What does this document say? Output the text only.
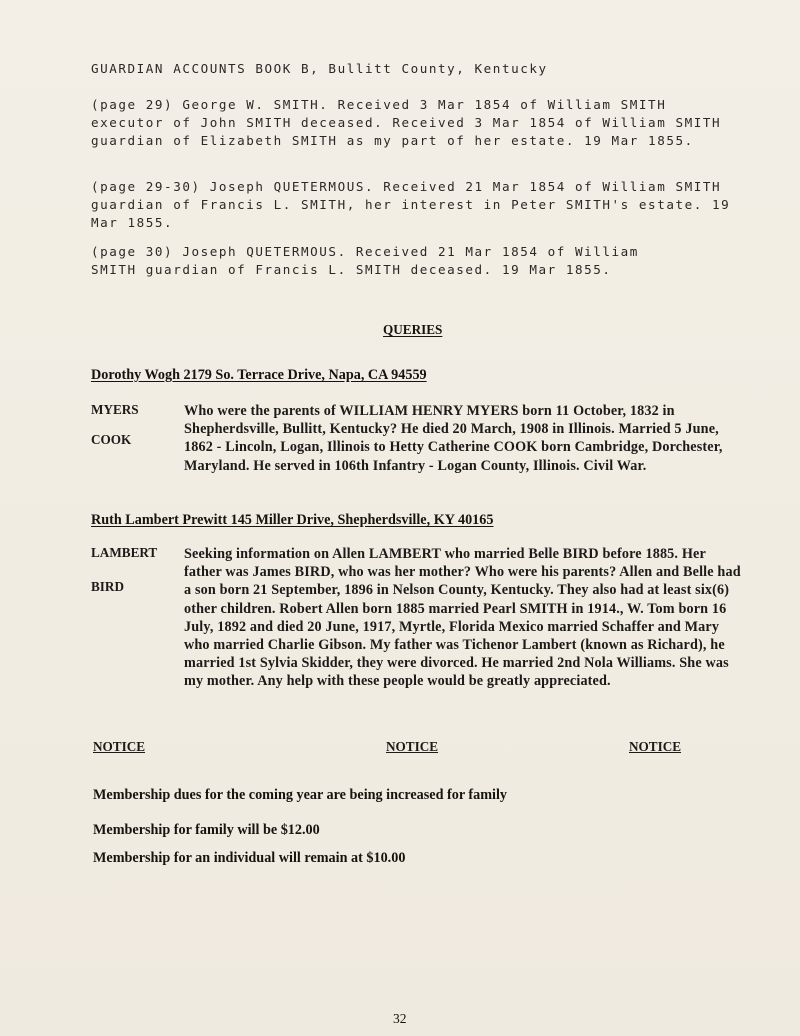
GUARDIAN ACCOUNTS BOOK B, Bullitt County, Kentucky

(page 29) George W. SMITH. Received 3 Mar 1854 of William SMITH executor of John SMITH deceased. Received 3 Mar 1854 of William SMITH guardian of Elizabeth SMITH as my part of her estate. 19 Mar 1855.

(page 29-30) Joseph QUETERMOUS. Received 21 Mar 1854 of William SMITH guardian of Francis L. SMITH, her interest in Peter SMITH's estate. 19 Mar 1855.

(page 30) Joseph QUETERMOUS. Received 21 Mar 1854 of William SMITH guardian of Francis L. SMITH deceased. 19 Mar 1855.

QUERIES
Dorothy Wogh 2179 So. Terrace Drive, Napa, CA 94559
MYERS
COOK
Who were the parents of WILLIAM HENRY MYERS born 11 October, 1832 in Shepherdsville, Bullitt, Kentucky? He died 20 March, 1908 in Illinois. Married 5 June, 1862 - Lincoln, Logan, Illinois to Hetty Catherine COOK born Cambridge, Dorchester, Maryland. He served in 106th Infantry - Logan County, Illinois. Civil War.
Ruth Lambert Prewitt 145 Miller Drive, Shepherdsville, KY 40165
LAMBERT
BIRD
Seeking information on Allen LAMBERT who married Belle BIRD before 1885. Her father was James BIRD, who was her mother? Who were his parents? Allen and Belle had a son born 21 September, 1896 in Nelson County, Kentucky. They also had at least six(6) other children. Robert Allen born 1885 married Pearl SMITH in 1914., W. Tom born 16 July, 1892 and died 20 June, 1917, Myrtle, Florida Mexico married Schaffer and Mary who married Charlie Gibson. My father was Tichenor Lambert (known as Richard), he married 1st Sylvia Skidder, they were divorced. He married 2nd Nola Williams. She was my mother. Any help with these people would be greatly appreciated.
NOTICE	NOTICE	NOTICE
Membership dues for the coming year are being increased for family
Membership for family will be $12.00
Membership for an individual will remain at $10.00
32
